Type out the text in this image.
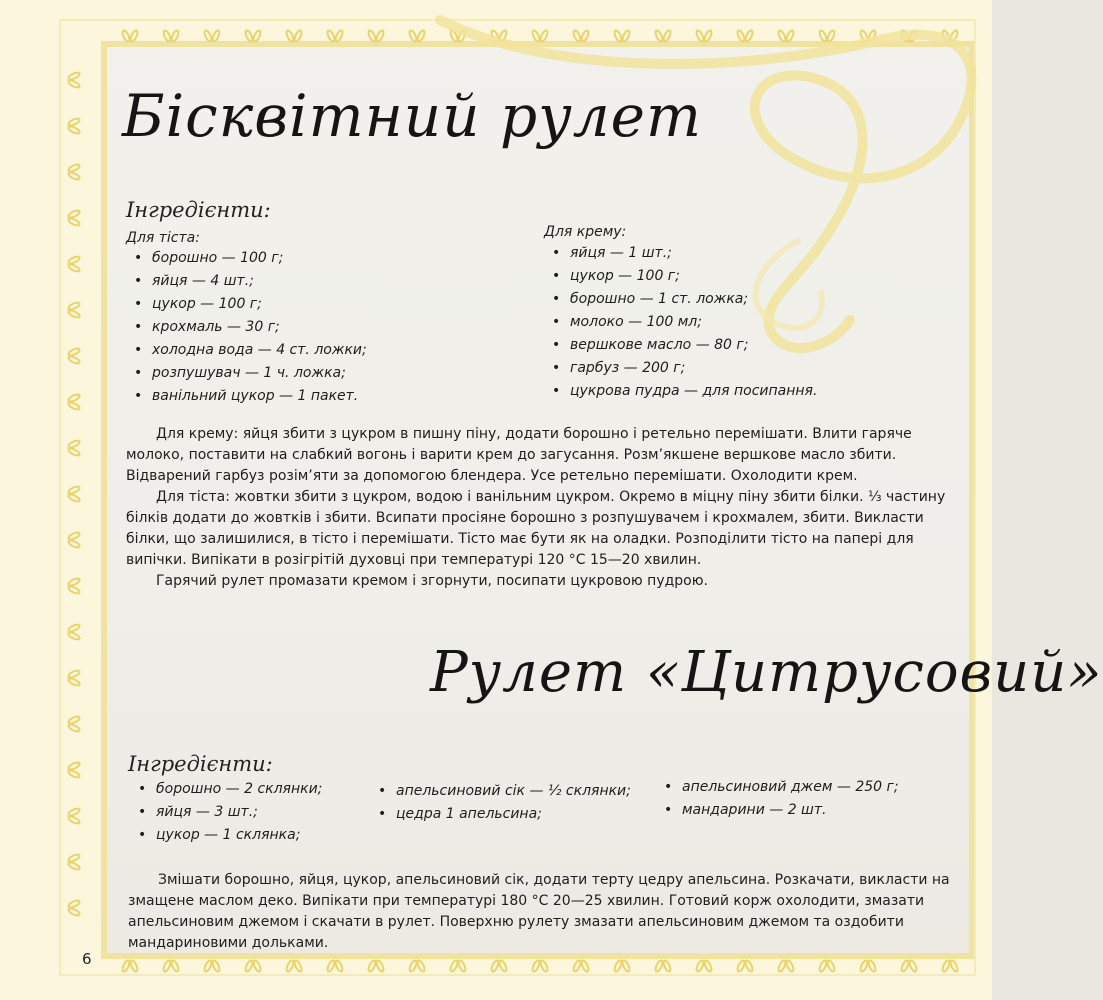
Бісквітний рулет
Інгредієнти:
Для тіста:
• борошно — 100 г;
• яйця — 4 шт.;
• цукор — 100 г;
• крохмаль — 30 г;
• холодна вода — 4 ст. ложки;
• розпушувач — 1 ч. ложка;
• ванільний цукор — 1 пакет.
Для крему:
• яйця — 1 шт.;
• цукор — 100 г;
• борошно — 1 ст. ложка;
• молоко — 100 мл;
• вершкове масло — 80 г;
• гарбуз — 200 г;
• цукрова пудра — для посипання.

Для крему: яйця збити з цукром в пишну піну, додати борошно і ретельно перемішати. Влити гаряче молоко, поставити на слабкий вогонь і варити крем до загусання. Розм’якшене вершкове масло збити. Відварений гарбуз розім’яти за допомогою блендера. Усе ретельно перемішати. Охолодити крем.

Для тіста: жовтки збити з цукром, водою і ванільним цукром. Окремо в міцну піну збити білки. ⅓ частину білків додати до жовтків і збити. Всипати просіяне борошно з розпушувачем і крохмалем, збити. Викласти білки, що залишилися, в тісто і перемішати. Тісто має бути як на оладки. Розподілити тісто на папері для випічки. Випікати в розігрітій духовці при температурі 120 °С 15—20 хвилин.

Гарячий рулет промазати кремом і згорнути, посипати цукровою пудрою.

Рулет «Цитрусовий»
Інгредієнти:
• борошно — 2 склянки;
• яйця — 3 шт.;
• цукор — 1 склянка;
• апельсиновий сік — ½ склянки;
• цедра 1 апельсина;
• апельсиновий джем — 250 г;
• мандарини — 2 шт.
Змішати борошно, яйця, цукор, апельсиновий сік, додати терту цедру апельсина. Розкачати, викласти на змащене маслом деко. Випікати при температурі 180 °С 20—25 хвилин. Готовий корж охолодити, змазати апельсиновим джемом і скачати в рулет. Поверхню рулету змазати апельсиновим джемом та оздобити мандариновими дольками.
6
